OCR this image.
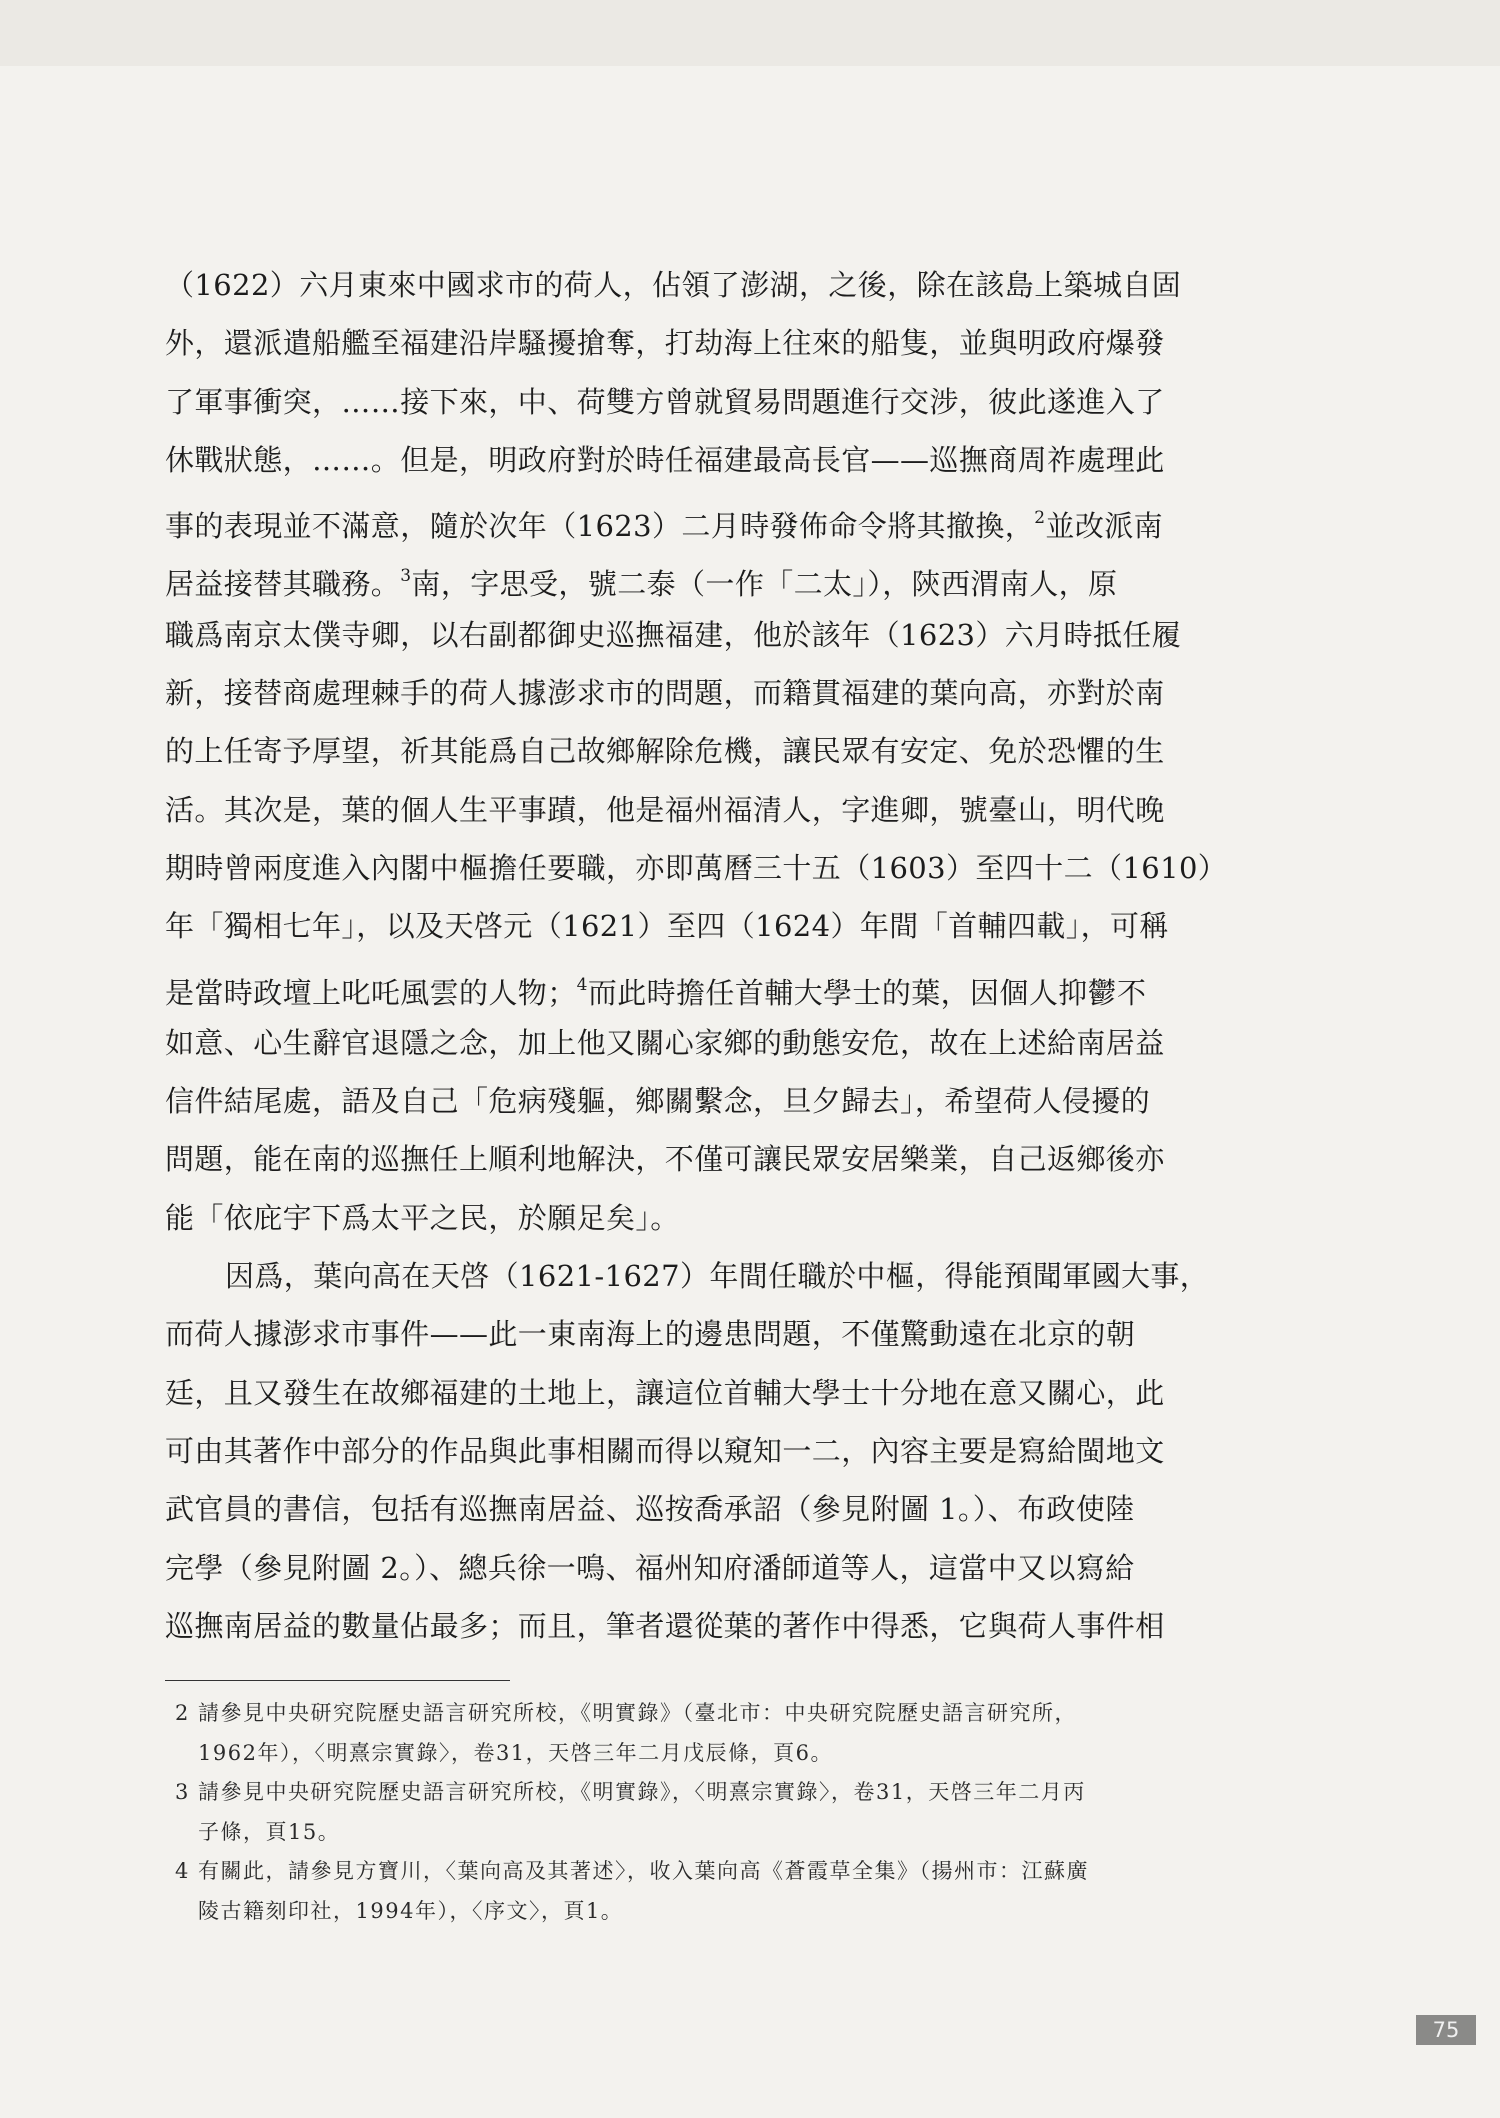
（1622）六月東來中國求市的荷人，佔領了澎湖，之後，除在該島上築城自固
外，還派遣船艦至福建沿岸騷擾搶奪，打劫海上往來的船隻，並與明政府爆發
了軍事衝突，……接下來，中、荷雙方曾就貿易問題進行交涉，彼此遂進入了
休戰狀態，……。但是，明政府對於時任福建最高長官——巡撫商周祚處理此
事的表現並不滿意，隨於次年（1623）二月時發佈命令將其撤換，$^2$並改派南
居益接替其職務。$^3$南，字思受，號二泰（一作「二太」），陝西渭南人，原
職爲南京太僕寺卿，以右副都御史巡撫福建，他於該年（1623）六月時抵任履
新，接替商處理棘手的荷人據澎求市的問題，而籍貫福建的葉向高，亦對於南
的上任寄予厚望，祈其能爲自己故鄉解除危機，讓民眾有安定、免於恐懼的生
活。其次是，葉的個人生平事蹟，他是福州福清人，字進卿，號臺山，明代晚
期時曾兩度進入內閣中樞擔任要職，亦即萬曆三十五（1603）至四十二（1610）
年「獨相七年」，以及天啓元（1621）至四（1624）年間「首輔四載」，可稱
是當時政壇上叱吒風雲的人物；$^4$而此時擔任首輔大學士的葉，因個人抑鬱不
如意、心生辭官退隱之念，加上他又關心家鄉的動態安危，故在上述給南居益
信件結尾處，語及自己「危病殘軀，鄉關繫念，旦夕歸去」，希望荷人侵擾的
問題，能在南的巡撫任上順利地解決，不僅可讓民眾安居樂業，自己返鄉後亦
能「依庇宇下爲太平之民，於願足矣」。
因爲，葉向高在天啓（1621-1627）年間任職於中樞，得能預聞軍國大事，
而荷人據澎求市事件——此一東南海上的邊患問題，不僅驚動遠在北京的朝
廷，且又發生在故鄉福建的土地上，讓這位首輔大學士十分地在意又關心，此
可由其著作中部分的作品與此事相關而得以窺知一二，內容主要是寫給閩地文
武官員的書信，包括有巡撫南居益、巡按喬承詔（參見附圖 1。）、布政使陸
完學（參見附圖 2。）、總兵徐一鳴、福州知府潘師道等人，這當中又以寫給
巡撫南居益的數量佔最多；而且，筆者還從葉的著作中得悉，它與荷人事件相
2 請參見中央研究院歷史語言研究所校，《明實錄》（臺北市：中央研究院歷史語言研究所，
1962年），〈明熹宗實錄〉，卷31，天啓三年二月戊辰條，頁6。
3 請參見中央研究院歷史語言研究所校，《明實錄》，〈明熹宗實錄〉，卷31，天啓三年二月丙
子條，頁15。
4 有關此，請參見方寶川，〈葉向高及其著述〉，收入葉向高《蒼霞草全集》（揚州市：江蘇廣
陵古籍刻印社，1994年），〈序文〉，頁1。
75
